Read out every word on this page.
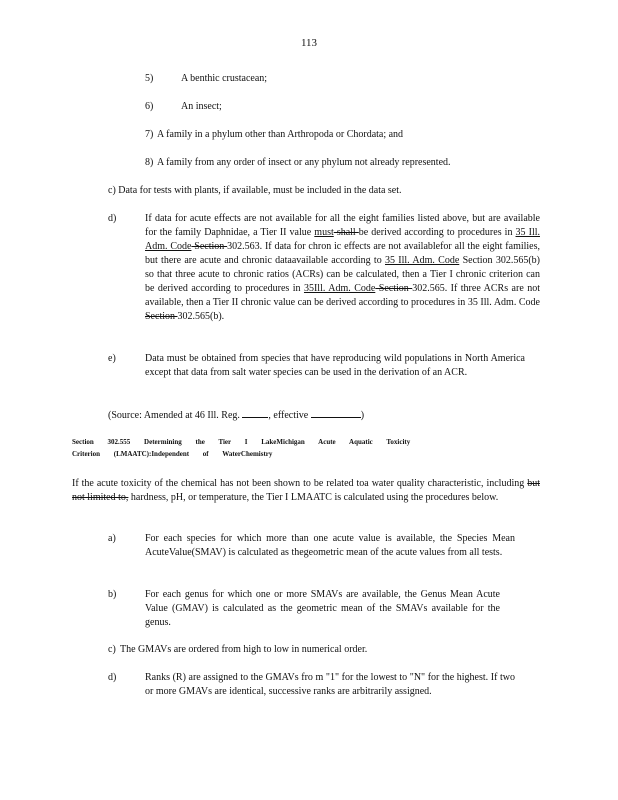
113
5)	A benthic crustacean;
6)	An insect;
7) A family in a phylum other than Arthropoda or Chordata; and
8) A family from any order of insect or any phylum not already represented.
c) Data for tests with plants, if available, must be included in the data set.
d)	If data for acute effects are not available for all the eight families listed above, but are available for the family Daphnidae, a Tier II value must shall be derived according to procedures in 35 Ill. Adm. Code Section 302.563. If data for chron ic effects are not availablefor all the eight families, but there are acute and chronic dataavailable according to 35 Ill. Adm. Code Section 302.565(b) so that three acute to chronic ratios (ACRs) can be calculated, then a Tier I chronic criterion can be derived according to procedures in 35Ill. Adm. Code Section 302.565. If three ACRs are not available, then a Tier II chronic value can be derived according to procedures in 35 Ill. Adm. Code Section 302.565(b).
e)	Data must be obtained from species that have reproducing wild populations in North America except that data from salt water species can be used in the derivation of an ACR.
(Source: Amended at 46 Ill. Reg.	, effective	)
Section 302.555 Determining the Tier I LakeMichigan Acute Aquatic Toxicity
Criterion (LMAATC):Independent of WaterChemistry
If the acute toxicity of the chemical has not been shown to be related toa water quality characteristic, including but not limited to, hardness, pH, or temperature, the Tier I LMAATC is calculated using the procedures below.
a)	For each species for which more than one acute value is available, the Species Mean AcuteValue(SMAV) is calculated as thegeometric mean of the acute values from all tests.
b)	For each genus for which one or more SMAVs are available, the Genus Mean Acute Value (GMAV) is calculated as the geometric mean of the SMAVs available for the genus.
c) The GMAVs are ordered from high to low in numerical order.
d)	Ranks (R) are assigned to the GMAVs fro m "1" for the lowest to "N" for the highest. If two or more GMAVs are identical, successive ranks are arbitrarily assigned.
